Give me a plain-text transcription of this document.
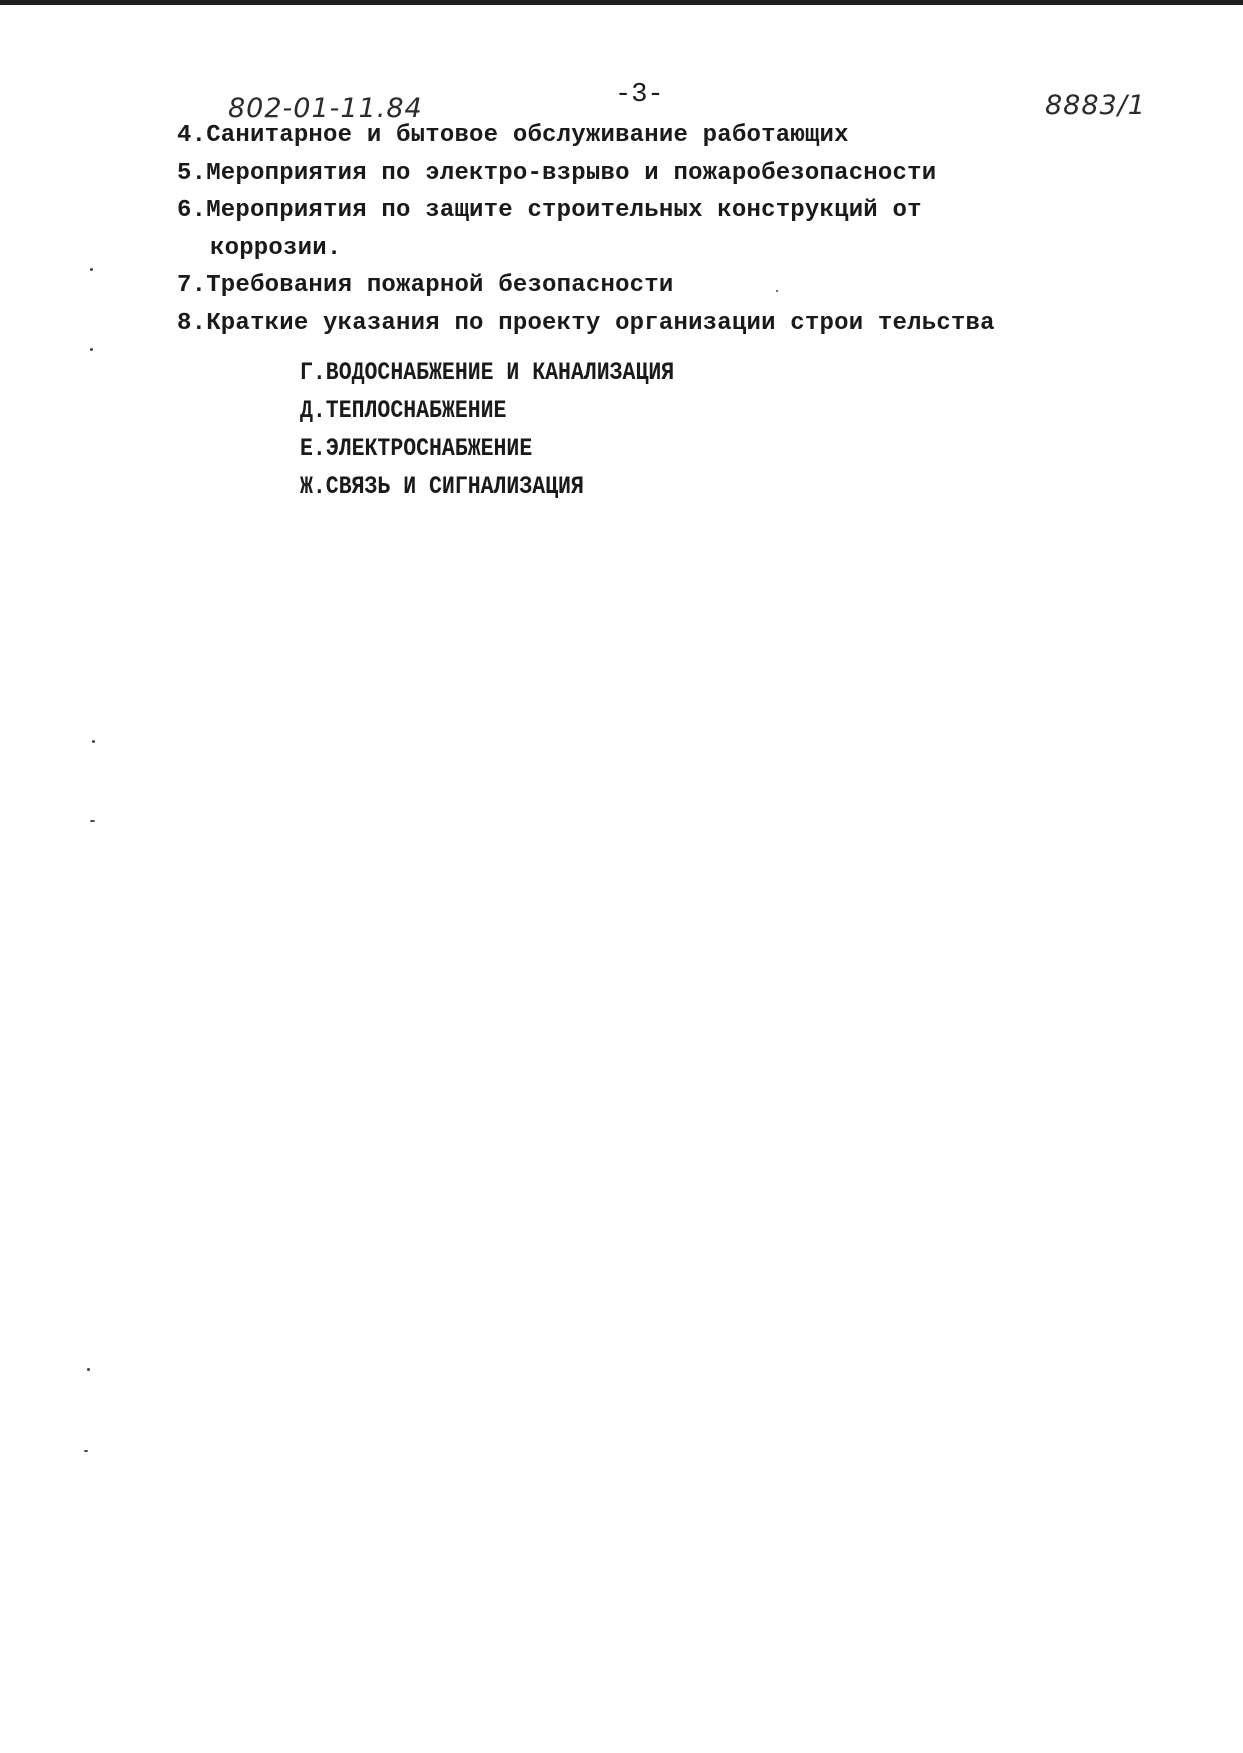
802-01-11.84	-3-	8883/1
4.Санитарное и бытовое обслуживание работающих
5.Мероприятия по электро-взрыво и пожаробезопасности
6.Мероприятия по защите строительных конструкций от
коррозии.
7.Требования пожарной безопасности
8.Краткие указания по проекту организации строи тельства
Г.ВОДОСНАБЖЕНИЕ И КАНАЛИЗАЦИЯ
Д.ТЕПЛОСНАБЖЕНИЕ
Е.ЭЛЕКТРОСНАБЖЕНИЕ
Ж.СВЯЗЬ И СИГНАЛИЗАЦИЯ
